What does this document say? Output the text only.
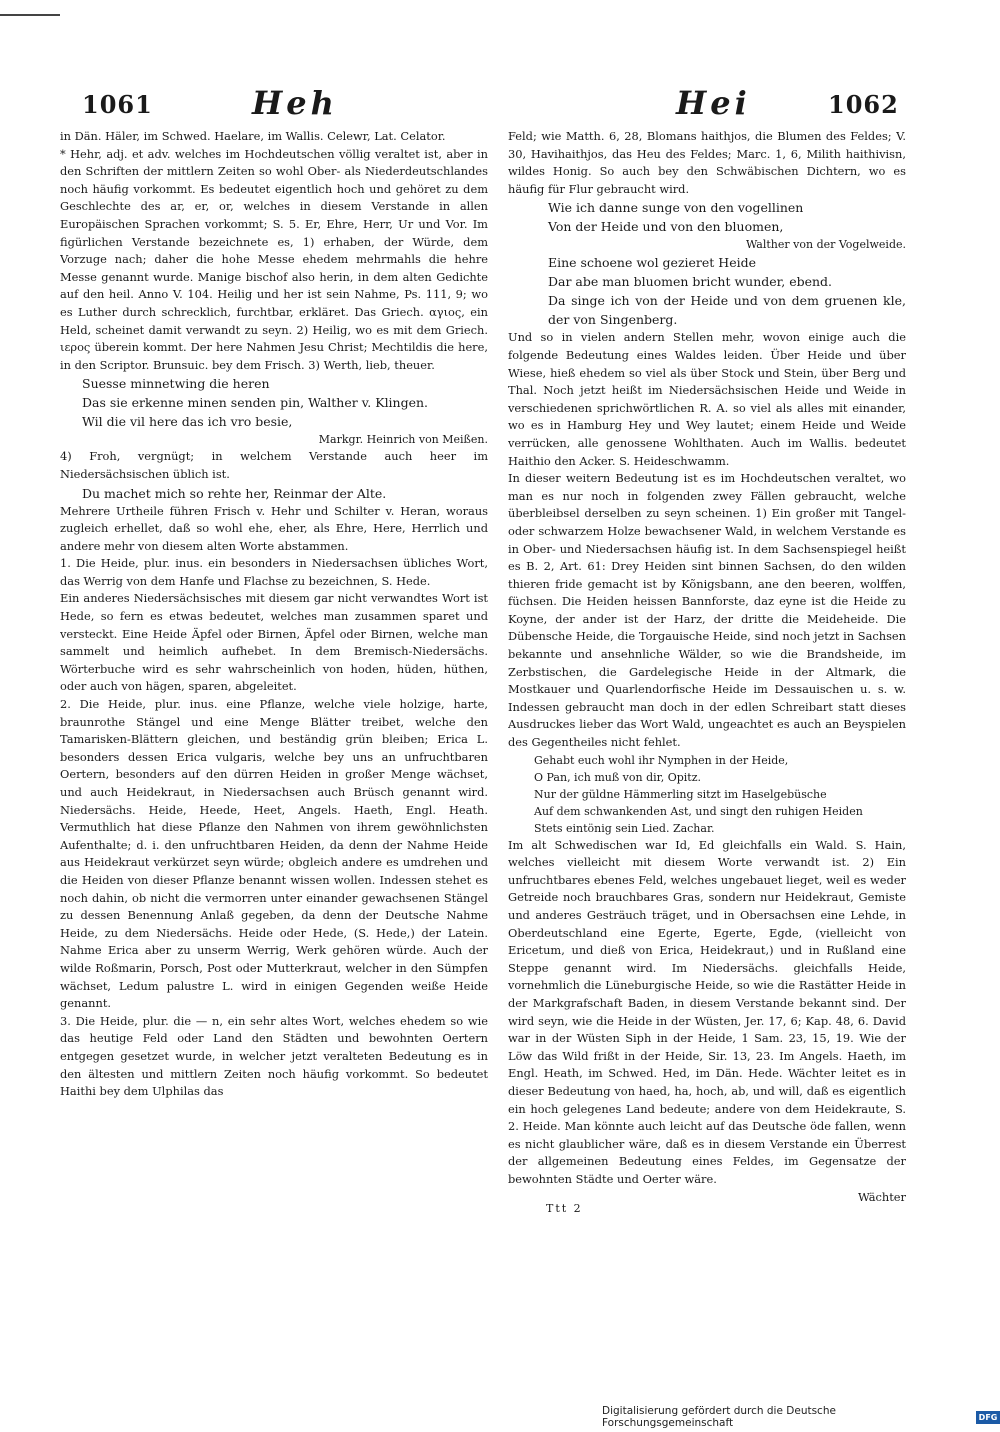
1061	Heh	Hei	1062

in Dän. Häler, im Schwed. Haelare, im Wallis. Celewr, Lat. Celator.

* Hehr, adj. et adv. welches im Hochdeutschen völlig veraltet ist, aber in den Schriften der mittlern Zeiten so wohl Ober- als Niederdeutschlandes noch häufig vorkommt. Es bedeutet eigentlich hoch und gehöret zu dem Geschlechte des ar, er, or, welches in diesem Verstande in allen Europäischen Sprachen vorkommt; S. 5. Er, Ehre, Herr, Ur und Vor. Im figürlichen Verstande bezeichnete es, 1) erhaben, der Würde, dem Vorzuge nach; daher die hohe Messe ehedem mehrmahls die hehre Messe genannt wurde. Manige bischof also herin, in dem alten Gedichte auf den heil. Anno V. 104. Heilig und her ist sein Nahme, Ps. 111, 9; wo es Luther durch schrecklich, furchtbar, erkläret. Das Griech. αγιος, ein Held, scheinet damit verwandt zu seyn. 2) Heilig, wo es mit dem Griech. ιερος überein kommt. Der here Nahmen Jesu Christ; Mechtildis die here, in den Scriptor. Brunsuic. bey dem Frisch. 3) Werth, lieb, theuer.

Suesse minnetwing die heren
Das sie erkenne minen senden pin, Walther v. Klingen.
Wil die vil here das ich vro besie,
Markgr. Heinrich von Meißen.

4) Froh, vergnügt; in welchem Verstande auch heer im Niedersächsischen üblich ist.

Du machet mich so rehte her, Reinmar der Alte.

Mehrere Urtheile führen Frisch v. Hehr und Schilter v. Heran, woraus zugleich erhellet, daß so wohl ehe, eher, als Ehre, Here, Herrlich und andere mehr von diesem alten Worte abstammen.

1. Die Heide, plur. inus. ein besonders in Niedersachsen übliches Wort, das Werrig von dem Hanfe und Flachse zu bezeichnen, S. Hede.

Ein anderes Niedersächsisches mit diesem gar nicht verwandtes Wort ist Hede, so fern es etwas bedeutet, welches man zusammen sparet und versteckt. Eine Heide Äpfel oder Birnen, Äpfel oder Birnen, welche man sammelt und heimlich aufhebet. In dem Bremisch-Niedersächs. Wörterbuche wird es sehr wahrscheinlich von hoden, hüden, hüthen, oder auch von hägen, sparen, abgeleitet.

2. Die Heide, plur. inus. eine Pflanze, welche viele holzige, harte, braunrothe Stängel und eine Menge Blätter treibet, welche den Tamarisken-Blättern gleichen, und beständig grün bleiben; Erica L. besonders dessen Erica vulgaris, welche bey uns an unfruchtbaren Oertern, besonders auf den dürren Heiden in großer Menge wächset, und auch Heidekraut, in Niedersachsen auch Brüsch genannt wird. Niedersächs. Heide, Heede, Heet, Angels. Haeth, Engl. Heath. Vermuthlich hat diese Pflanze den Nahmen von ihrem gewöhnlichsten Aufenthalte; d. i. den unfruchtbaren Heiden, da denn der Nahme Heide aus Heidekraut verkürzet seyn würde; obgleich andere es umdrehen und die Heiden von dieser Pflanze benannt wissen wollen. Indessen stehet es noch dahin, ob nicht die vermorren unter einander gewachsenen Stängel zu dessen Benennung Anlaß gegeben, da denn der Deutsche Nahme Heide, zu dem Niedersächs. Heide oder Hede, (S. Hede,) der Latein. Nahme Erica aber zu unserm Werrig, Werk gehören würde. Auch der wilde Roßmarin, Porsch, Post oder Mutterkraut, welcher in den Sümpfen wächset, Ledum palustre L. wird in einigen Gegenden weiße Heide genannt.

3. Die Heide, plur. die — n, ein sehr altes Wort, welches ehedem so wie das heutige Feld oder Land den Städten und bewohnten Oertern entgegen gesetzet wurde, in welcher jetzt veralteten Bedeutung es in den ältesten und mittlern Zeiten noch häufig vorkommt. So bedeutet Haithi bey dem Ulphilas das

Feld; wie Matth. 6, 28, Blomans haithjos, die Blumen des Feldes; V. 30, Havihaithjos, das Heu des Feldes; Marc. 1, 6, Milith haithivisn, wildes Honig. So auch bey den Schwäbischen Dichtern, wo es häufig für Flur gebraucht wird.

Wie ich danne sunge von den vogellinen
Von der Heide und von den bluomen,
Walther von der Vogelweide.
Eine schoene wol gezieret Heide
Dar abe man bluomen bricht wunder, ebend.
Da singe ich von der Heide und von dem gruenen kle, der von Singenberg.

Und so in vielen andern Stellen mehr, wovon einige auch die folgende Bedeutung eines Waldes leiden. Über Heide und über Wiese, hieß ehedem so viel als über Stock und Stein, über Berg und Thal. Noch jetzt heißt im Niedersächsischen Heide und Weide in verschiedenen sprichwörtlichen R. A. so viel als alles mit einander, wo es in Hamburg Hey und Wey lautet; einem Heide und Weide verrücken, alle genossene Wohlthaten. Auch im Wallis. bedeutet Haithio den Acker. S. Heideschwamm.

In dieser weitern Bedeutung ist es im Hochdeutschen veraltet, wo man es nur noch in folgenden zwey Fällen gebraucht, welche überbleibsel derselben zu seyn scheinen. 1) Ein großer mit Tangel- oder schwarzem Holze bewachsener Wald, in welchem Verstande es in Ober- und Niedersachsen häufig ist. In dem Sachsenspiegel heißt es B. 2, Art. 61: Drey Heiden sint binnen Sachsen, do den wilden thieren fride gemacht ist by Kõnigsbann, ane den beeren, wolffen, füchsen. Die Heiden heissen Bannforste, daz eyne ist die Heide zu Koyne, der ander ist der Harz, der dritte die Meideheide. Die Dübensche Heide, die Torgauische Heide, sind noch jetzt in Sachsen bekannte und ansehnliche Wälder, so wie die Brandsheide, im Zerbstischen, die Gardelegische Heide in der Altmark, die Mostkauer und Quarlendorfische Heide im Dessauischen u. s. w. Indessen gebraucht man doch in der edlen Schreibart statt dieses Ausdruckes lieber das Wort Wald, ungeachtet es auch an Beyspielen des Gegentheiles nicht fehlet.

Gehabt euch wohl ihr Nymphen in der Heide,
O Pan, ich muß von dir, Opitz.
Nur der güldne Hämmerling sitzt im Haselgebüsche
Auf dem schwankenden Ast, und singt den ruhigen Heiden
Stets eintönig sein Lied. Zachar.

Im alt Schwedischen war Id, Ed gleichfalls ein Wald. S. Hain, welches vielleicht mit diesem Worte verwandt ist. 2) Ein unfruchtbares ebenes Feld, welches ungebauet lieget, weil es weder Getreide noch brauchbares Gras, sondern nur Heidekraut, Gemiste und anderes Gesträuch träget, und in Obersachsen eine Lehde, in Oberdeutschland eine Egerte, Egerte, Egde, (vielleicht von Ericetum, und dieß von Erica, Heidekraut,) und in Rußland eine Steppe genannt wird. Im Niedersächs. gleichfalls Heide, vornehmlich die Lüneburgische Heide, so wie die Rastätter Heide in der Markgrafschaft Baden, in diesem Verstande bekannt sind. Der wird seyn, wie die Heide in der Wüsten, Jer. 17, 6; Kap. 48, 6. David war in der Wüsten Siph in der Heide, 1 Sam. 23, 15, 19. Wie der Löw das Wild frißt in der Heide, Sir. 13, 23. Im Angels. Haeth, im Engl. Heath, im Schwed. Hed, im Dän. Hede. Wächter leitet es in dieser Bedeutung von haed, ha, hoch, ab, und will, daß es eigentlich ein hoch gelegenes Land bedeute; andere von dem Heidekraute, S. 2. Heide. Man könnte auch leicht auf das Deutsche öde fallen, wenn es nicht glaublicher wäre, daß es in diesem Verstande ein Überrest der allgemeinen Bedeutung eines Feldes, im Gegensatze der bewohnten Städte und Oerter wäre.

Wächter

Ttt 2
Digitalisierung gefördert durch die Deutsche Forschungsgemeinschaft	DFG
